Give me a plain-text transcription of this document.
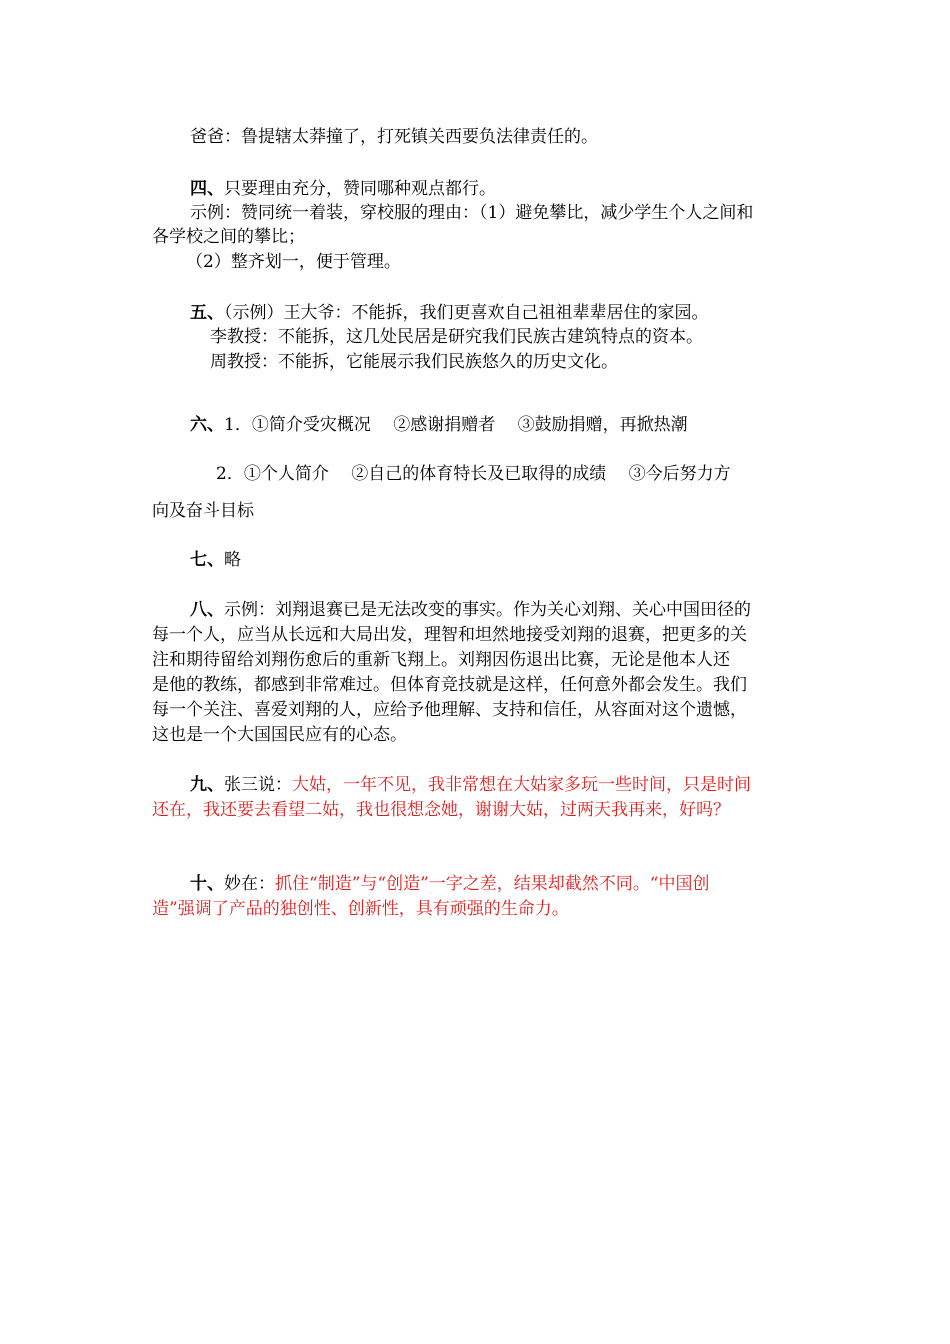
爸爸：鲁提辖太莽撞了，打死镇关西要负法律责任的。
四、只要理由充分，赞同哪种观点都行。
示例：赞同统一着装，穿校服的理由：（1）避免攀比，减少学生个人之间和
各学校之间的攀比；
（2）整齐划一，便于管理。
五、（示例）王大爷：不能拆，我们更喜欢自己祖祖辈辈居住的家园。
李教授：不能拆，这几处民居是研究我们民族古建筑特点的资本。
周教授：不能拆，它能展示我们民族悠久的历史文化。
六、1．①简介受灾概况　 ②感谢捐赠者　 ③鼓励捐赠，再掀热潮
2．①个人简介　 ②自己的体育特长及已取得的成绩　 ③今后努力方
向及奋斗目标
七、略
八、示例：刘翔退赛已是无法改变的事实。作为关心刘翔、关心中国田径的
每一个人，应当从长远和大局出发，理智和坦然地接受刘翔的退赛，把更多的关
注和期待留给刘翔伤愈后的重新飞翔上。刘翔因伤退出比赛，无论是他本人还
是他的教练，都感到非常难过。但体育竞技就是这样，任何意外都会发生。我们
每一个关注、喜爱刘翔的人，应给予他理解、支持和信任，从容面对这个遗憾，
这也是一个大国国民应有的心态。
九、张三说：大姑，一年不见，我非常想在大姑家多玩一些时间，只是时间
还在，我还要去看望二姑，我也很想念她，谢谢大姑，过两天我再来，好吗？
十、妙在：抓住“制造”与“创造”一字之差，结果却截然不同。“中国创
造”强调了产品的独创性、创新性，具有顽强的生命力。
